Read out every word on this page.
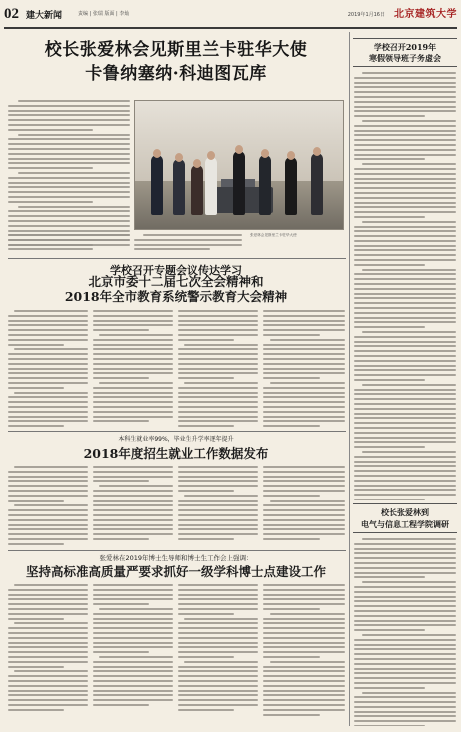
02 建大新闻	责编 | 张瑞 版面 | 李灿	2019年1月16日 北京建筑大学
校长张爱林会见斯里兰卡驻华大使
卡鲁纳塞纳·科迪图瓦库
张爱林会见斯里兰卡驻华大使
学校召开专题会议传达学习
北京市委十二届七次全会精神和
2018年全市教育系统警示教育大会精神
本科生就业率99%，毕业生升学率逐年提升
2018年度招生就业工作数据发布
张爱林在2019年博士生导师和博士生工作会上强调：
坚持高标准高质量严要求抓好一级学科博士点建设工作
学校召开2019年
寒假领导班子务虚会
校长张爱林到
电气与信息工程学院调研
